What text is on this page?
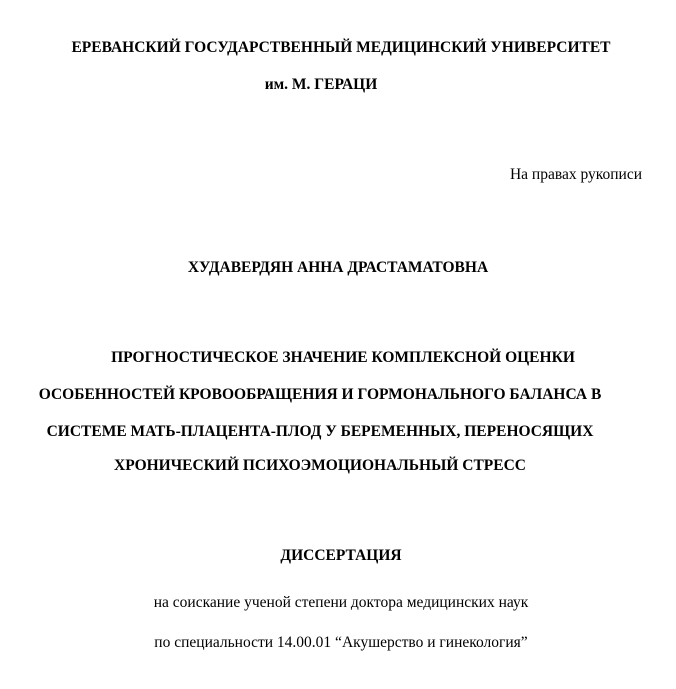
ЕРЕВАНСКИЙ ГОСУДАРСТВЕННЫЙ МЕДИЦИНСКИЙ УНИВЕРСИТЕТ
им. М. ГЕРАЦИ
На правах рукописи
ХУДАВЕРДЯН АННА ДРАСТАМАТОВНА
ПРОГНОСТИЧЕСКОЕ ЗНАЧЕНИЕ КОМПЛЕКСНОЙ ОЦЕНКИ
ОСОБЕННОСТЕЙ КРОВООБРАЩЕНИЯ И ГОРМОНАЛЬНОГО БАЛАНСА В
СИСТЕМЕ МАТЬ-ПЛАЦЕНТА-ПЛОД У БЕРЕМЕННЫХ, ПЕРЕНОСЯЩИХ
ХРОНИЧЕСКИЙ ПСИХОЭМОЦИОНАЛЬНЫЙ СТРЕСС
ДИССЕРТАЦИЯ
на соискание ученой степени доктора медицинских наук
по специальности 14.00.01 “Акушерство и гинекология”
